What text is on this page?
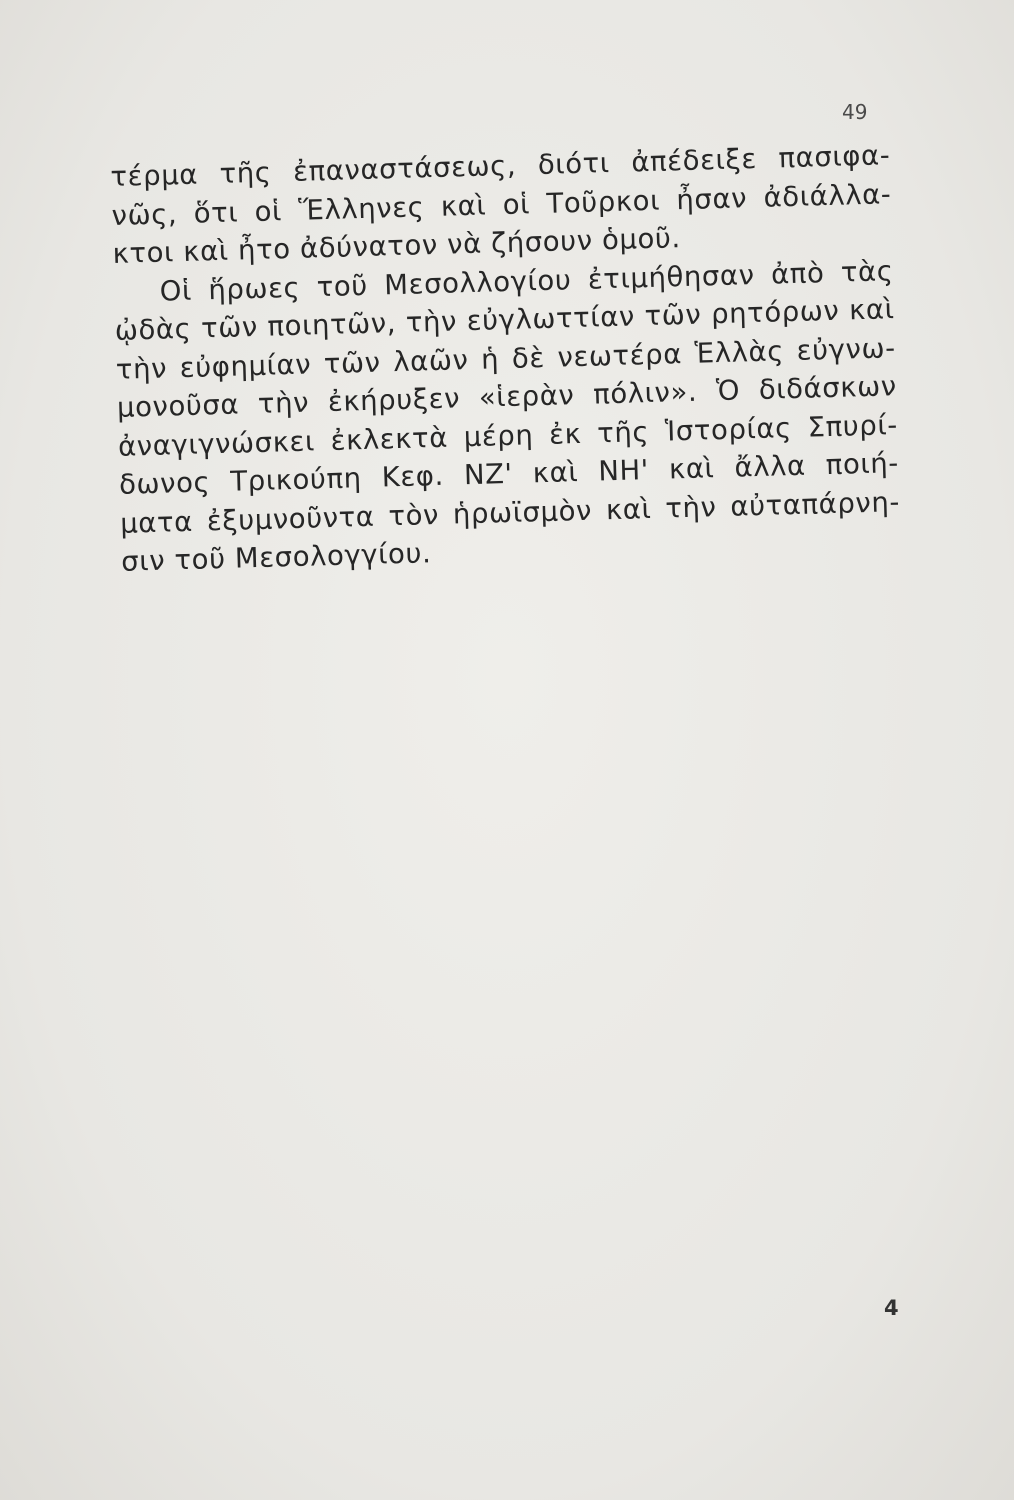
49
τέρμα τῆς ἐπαναστάσεως, διότι ἀπέδειξε πασιφα-
νῶς, ὅτι οἱ Ἕλληνες καὶ οἱ Τοῦρκοι ἦσαν ἀδιάλλα-
κτοι καὶ ἦτο ἀδύνατον νὰ ζήσουν ὁμοῦ.
Οἱ ἥρωες τοῦ Μεσολλογίου ἐτιμήθησαν ἀπὸ τὰς
ᾠδὰς τῶν ποιητῶν, τὴν εὐγλωττίαν τῶν ρητόρων καὶ
τὴν εὐφημίαν τῶν λαῶν ἡ δὲ νεωτέρα Ἑλλὰς εὐγνω-
μονοῦσα τὴν ἐκήρυξεν «ἱερὰν πόλιν». Ὁ διδάσκων
ἀναγιγνώσκει ἐκλεκτὰ μέρη ἐκ τῆς Ἱστορίας Σπυρί-
δωνος Τρικούπη Κεφ. ΝΖ' καὶ ΝΗ' καὶ ἄλλα ποιή-
ματα ἐξυμνοῦντα τὸν ἡρωϊσμὸν καὶ τὴν αὐταπάρνη-
σιν τοῦ Μεσολογγίου.
4
